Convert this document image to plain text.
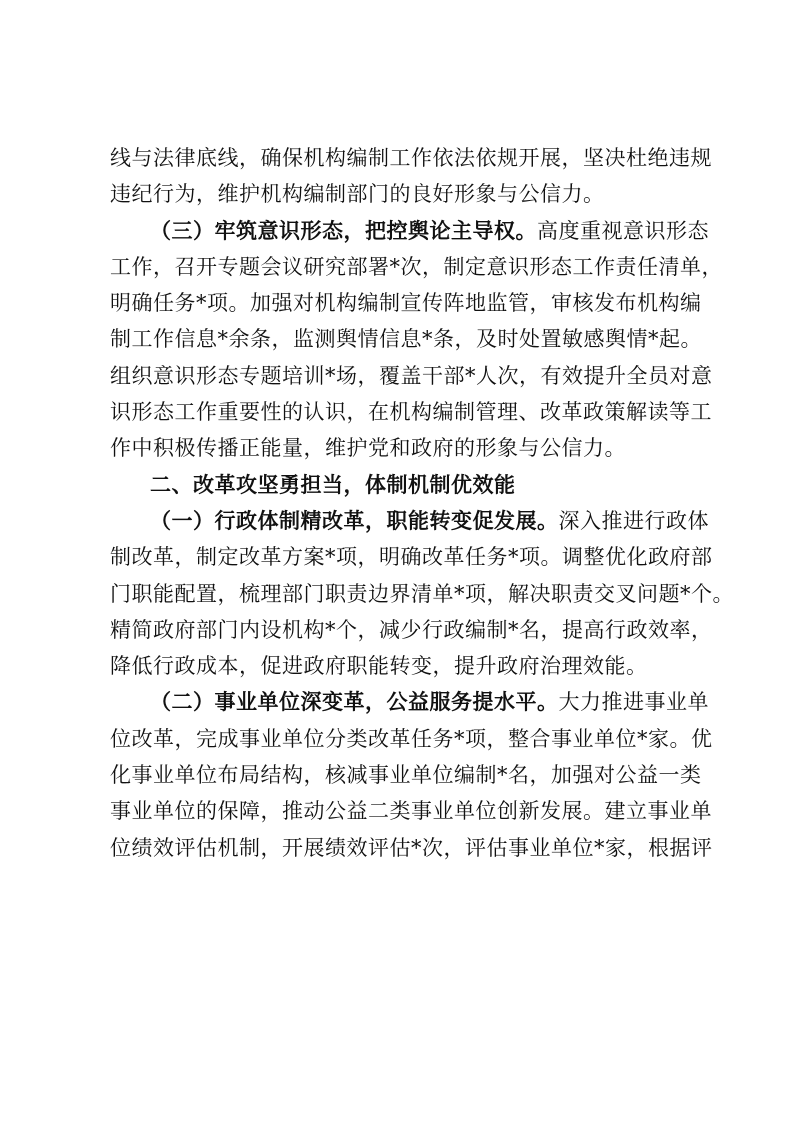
线与法律底线，确保机构编制工作依法依规开展，坚决杜绝违规
违纪行为，维护机构编制部门的良好形象与公信力。
（三）牢筑意识形态，把控舆论主导权。高度重视意识形态
工作，召开专题会议研究部署*次，制定意识形态工作责任清单，
明确任务*项。加强对机构编制宣传阵地监管，审核发布机构编
制工作信息*余条，监测舆情信息*条，及时处置敏感舆情*起。
组织意识形态专题培训*场，覆盖干部*人次，有效提升全员对意
识形态工作重要性的认识，在机构编制管理、改革政策解读等工
作中积极传播正能量，维护党和政府的形象与公信力。
二、改革攻坚勇担当，体制机制优效能
（一）行政体制精改革，职能转变促发展。深入推进行政体
制改革，制定改革方案*项，明确改革任务*项。调整优化政府部
门职能配置，梳理部门职责边界清单*项，解决职责交叉问题*个。
精简政府部门内设机构*个，减少行政编制*名，提高行政效率，
降低行政成本，促进政府职能转变，提升政府治理效能。
（二）事业单位深变革，公益服务提水平。大力推进事业单
位改革，完成事业单位分类改革任务*项，整合事业单位*家。优
化事业单位布局结构，核减事业单位编制*名，加强对公益一类
事业单位的保障，推动公益二类事业单位创新发展。建立事业单
位绩效评估机制，开展绩效评估*次，评估事业单位*家，根据评
